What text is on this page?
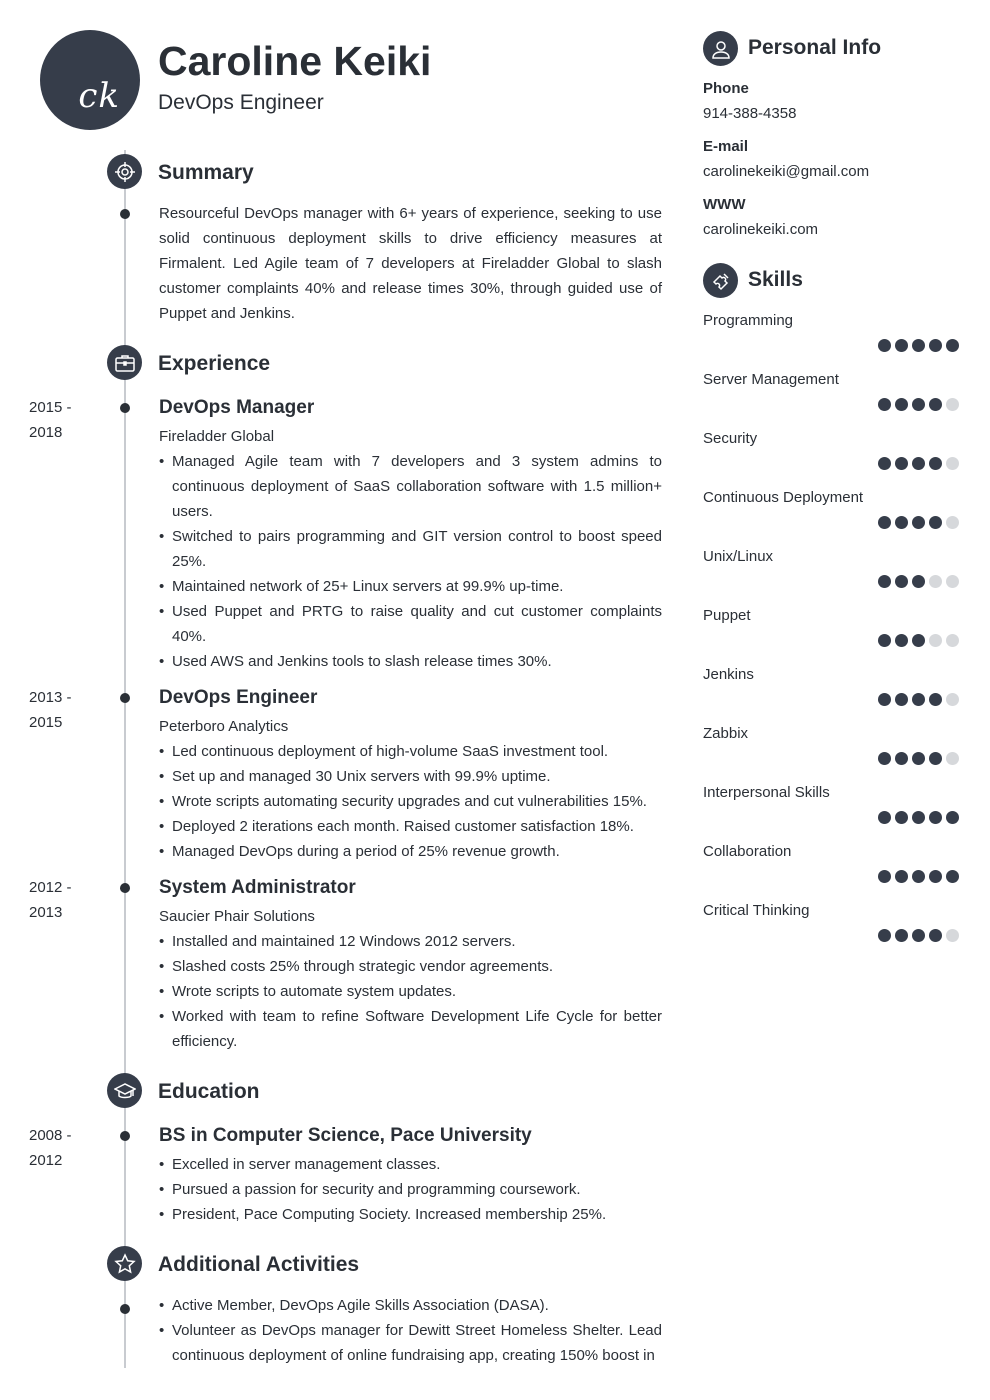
ck
Caroline Keiki
DevOps Engineer
Summary
Resourceful DevOps manager with 6+ years of experience, seeking to use solid continuous deployment skills to drive efficiency measures at Firmalent. Led Agile team of 7 developers at Fireladder Global to slash customer complaints 40% and release times 30%, through guided use of Puppet and Jenkins.
Experience
2015 - 2018
DevOps Manager
Fireladder Global
• Managed Agile team with 7 developers and 3 system admins to continuous deployment of SaaS collaboration software with 1.5 million+ users.
• Switched to pairs programming and GIT version control to boost speed 25%.
• Maintained network of 25+ Linux servers at 99.9% up-time.
• Used Puppet and PRTG to raise quality and cut customer complaints 40%.
• Used AWS and Jenkins tools to slash release times 30%.
2013 - 2015
DevOps Engineer
Peterboro Analytics
• Led continuous deployment of high-volume SaaS investment tool.
• Set up and managed 30 Unix servers with 99.9% uptime.
• Wrote scripts automating security upgrades and cut vulnerabilities 15%.
• Deployed 2 iterations each month. Raised customer satisfaction 18%.
• Managed DevOps during a period of 25% revenue growth.
2012 - 2013
System Administrator
Saucier Phair Solutions
• Installed and maintained 12 Windows 2012 servers.
• Slashed costs 25% through strategic vendor agreements.
• Wrote scripts to automate system updates.
• Worked with team to refine Software Development Life Cycle for better efficiency.
Education
2008 - 2012
BS in Computer Science, Pace University
• Excelled in server management classes.
• Pursued a passion for security and programming coursework.
• President, Pace Computing Society. Increased membership 25%.
Additional Activities
• Active Member, DevOps Agile Skills Association (DASA).
• Volunteer as DevOps manager for Dewitt Street Homeless Shelter. Lead continuous deployment of online fundraising app, creating 150% boost in
Personal Info
Phone
914-388-4358
E-mail
carolinekeiki@gmail.com
WWW
carolinekeiki.com
Skills
Programming
Server Management
Security
Continuous Deployment
Unix/Linux
Puppet
Jenkins
Zabbix
Interpersonal Skills
Collaboration
Critical Thinking
